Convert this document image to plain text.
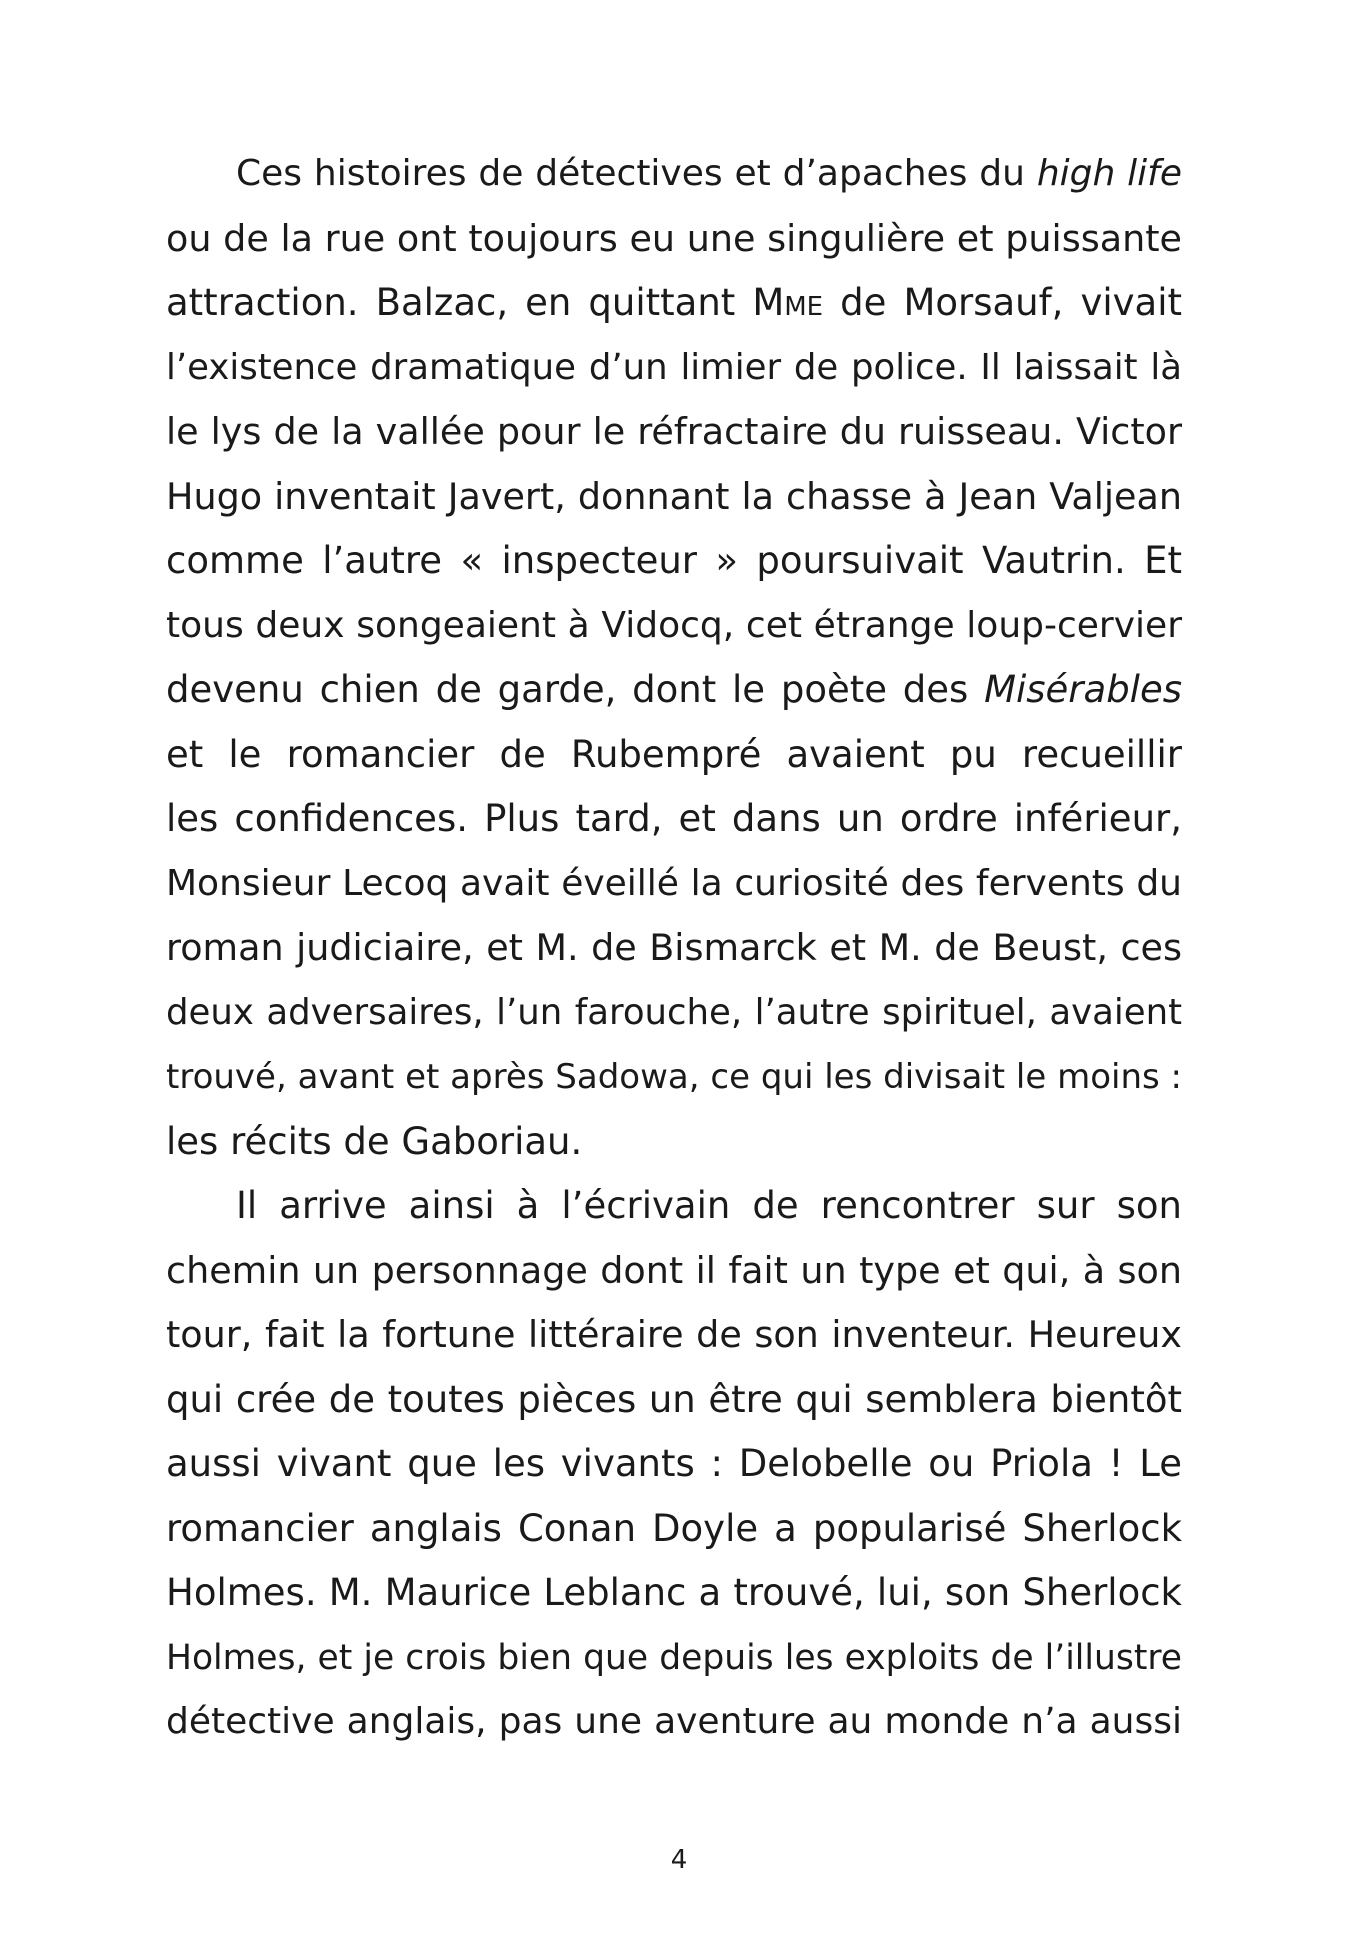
Ces histoires de détectives et d’apaches du high life
ou de la rue ont toujours eu une singulière et puissante
attraction. Balzac, en quittant Mme de Morsauf, vivait
l’existence dramatique d’un limier de police. Il laissait là
le lys de la vallée pour le réfractaire du ruisseau. Victor
Hugo inventait Javert, donnant la chasse à Jean Valjean
comme l’autre « inspecteur » poursuivait Vautrin. Et
tous deux songeaient à Vidocq, cet étrange loup-cervier
devenu chien de garde, dont le poète des Misérables
et le romancier de Rubempré avaient pu recueillir
les confidences. Plus tard, et dans un ordre inférieur,
Monsieur Lecoq avait éveillé la curiosité des fervents du
roman judiciaire, et M. de Bismarck et M. de Beust, ces
deux adversaires, l’un farouche, l’autre spirituel, avaient
trouvé, avant et après Sadowa, ce qui les divisait le moins :
les récits de Gaboriau.
Il arrive ainsi à l’écrivain de rencontrer sur son
chemin un personnage dont il fait un type et qui, à son
tour, fait la fortune littéraire de son inventeur. Heureux
qui crée de toutes pièces un être qui semblera bientôt
aussi vivant que les vivants : Delobelle ou Priola ! Le
romancier anglais Conan Doyle a popularisé Sherlock
Holmes. M. Maurice Leblanc a trouvé, lui, son Sherlock
Holmes, et je crois bien que depuis les exploits de l’illustre
détective anglais, pas une aventure au monde n’a aussi
4
